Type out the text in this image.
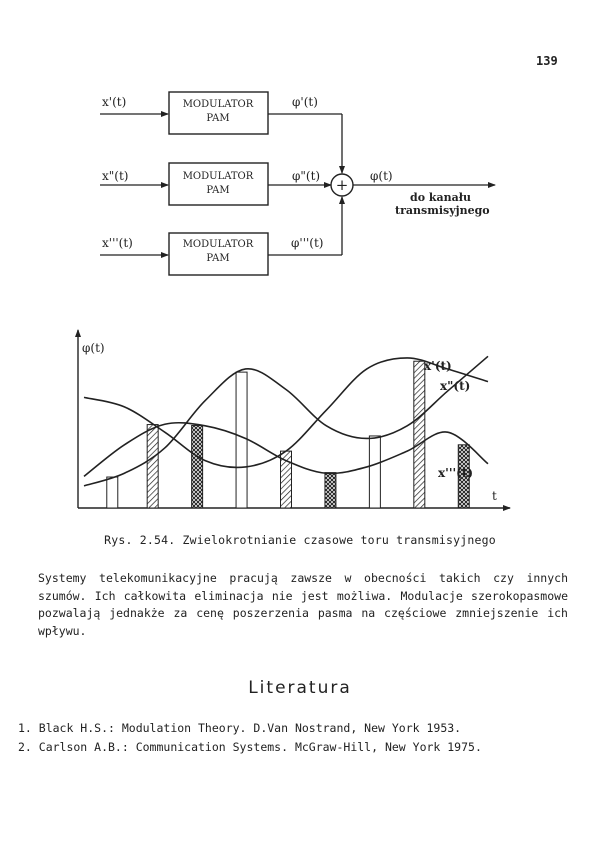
139
x'(t)	MODULATOR
PAM
φ'(t)
x"(t)	MODULATOR
PAM
φ"(t)
x'''(t)	MODULATOR
PAM
φ'''(t)
+ φ(t)
do kanału
transmisyjnego
φ(t)
t
x'(t)
x"(t)
x'''(t)
Rys. 2.54. Zwielokrotnianie czasowe toru transmisyjnego

Systemy telekomunikacyjne pracują zawsze w obecności takich czy innych szumów. Ich całkowita eliminacja nie jest możliwa. Modulacje szerokopasmowe pozwalają jednakże za cenę poszerzenia pasma na częściowe zmniejszenie ich wpływu.

Literatura
1. Black H.S.: Modulation Theory. D.Van Nostrand, New York 1953.
2. Carlson A.B.: Communication Systems. McGraw-Hill, New York 1975.
